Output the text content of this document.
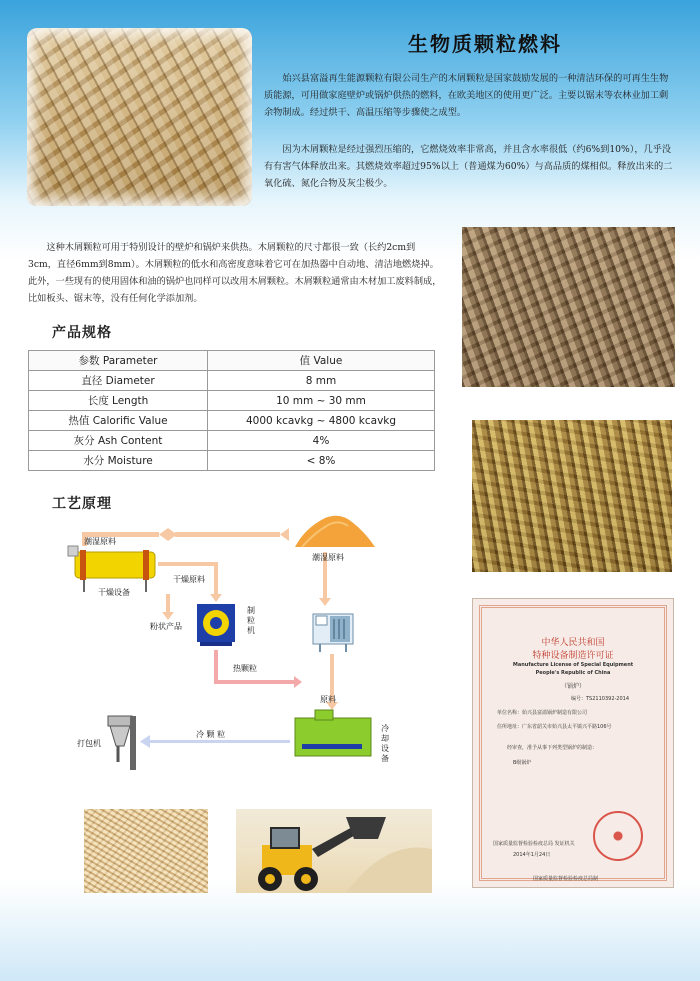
生物质颗粒燃料
始兴县富溢再生能源颗粒有限公司生产的木屑颗粒是国家鼓励发展的一种清洁环保的可再生生物质能源，可用做家庭壁炉或锅炉供热的燃料，在欧美地区的使用更广泛。主要以锯末等农林业加工剩余物制成。经过烘干、高温压缩等步骤使之成型。
因为木屑颗粒是经过强烈压缩的，它燃烧效率非常高，并且含水率很低（约6%到10%），几乎没有有害气体释放出来。其燃烧效率超过95%以上（普通煤为60%）与高品质的煤相似。释放出来的二氧化硫、氮化合物及灰尘极少。
这种木屑颗粒可用于特别设计的壁炉和锅炉来供热。木屑颗粒的尺寸都很一致（长约2cm到3cm，直径6mm到8mm）。木屑颗粒的低水和高密度意味着它可在加热器中自动地、清洁地燃烧掉。此外，一些现有的使用固体和油的锅炉也同样可以改用木屑颗粒。木屑颗粒通常由木材加工废料制成，比如板头、锯末等，没有任何化学添加剂。
产品规格
参数 Parameter	值 Value
直径 Diameter	8 mm
长度 Length	10 mm ~ 30 mm
热值 Calorific Value	4000 kcavkg ~ 4800 kcavkg
灰分 Ash Content	4%
水分 Moisture	< 8%
工艺原理
潮湿原料
干燥设备
干燥原料
粉状产品
制粒机
潮湿原料
热颗粒
原料
冷 颗 粒
打包机
冷却设备
中华人民共和国
特种设备制造许可证
Manufacture License of Special Equipment
People's Republic of China
（锅炉）
编号：TS2110392-2014
单位名称：始兴县富溢锅炉制造有限公司
住所地址：广东省韶关市始兴县太平镇兴平路106号
经审查，准予从事下列类型锅炉的制造：
B级锅炉
国家质量监督检验检疫总局 发证机关
2014年1月24日
国家质量监督检验检疫总局制
